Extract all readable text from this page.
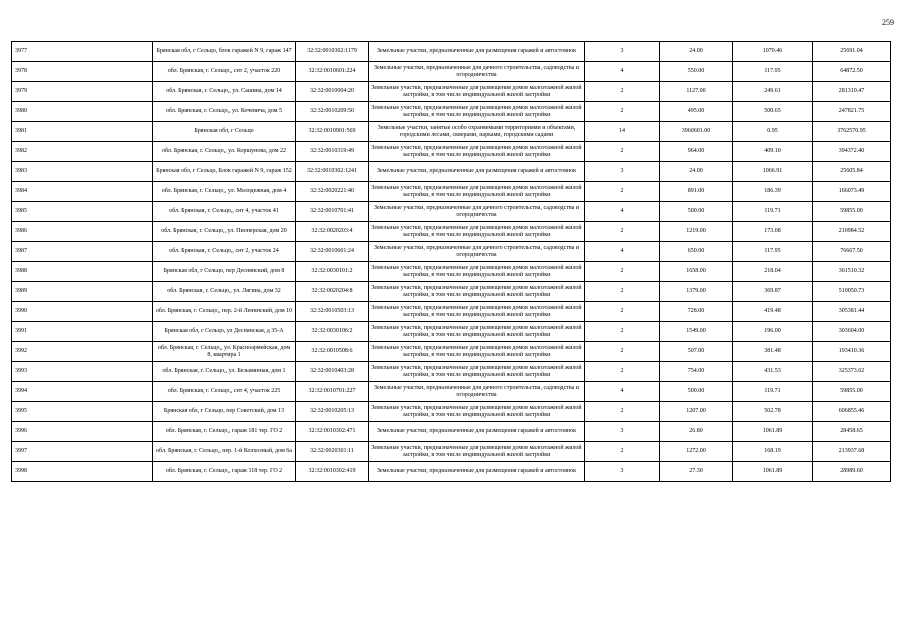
259
3977	Брянская обл, г Сельцо, блок гаражей N 9, гараж 147	32:32:0010302:1179	Земельные участки, предназначенные для размещения гаражей и автостоянок	3	24.00	1070.46	25691.04
3978	обл. Брянская, г. Сельцо,, снт 2, участок 220	32:32:0010601:224	Земельные участки, предназначенные для дачного строительства, садоводства и огородничества	4	550.00	117.95	64872.50
3979	обл. Брянская, г. Сельцо,, ул. Сашина, дом 14	32:32:0010004:20	Земельные участки, предназначенные для размещения домов малоэтажной жилой застройки, в том числе индивидуальной жилой застройки	2	1127.00	249.61	281310.47
3980	обл. Брянская, г. Сельцо,, ул. Кочевича, дом 5	32:32:0010209:50	Земельные участки, предназначенные для размещения домов малоэтажной жилой застройки, в том числе индивидуальной жилой застройки	2	495.00	500.65	247821.75
3981	Брянская обл, г Сельцо	32:32:0010901:569	Земельные участки, занятые особо охраняемыми территориями и объектами, городскими лесами, скверами, парками, городскими садами	14	3960601.00	0.95	3762570.95
3982	обл. Брянская, г. Сельцо,, ул. Коршунова, дом 22	32:32:0010319:49	Земельные участки, предназначенные для размещения домов малоэтажной жилой застройки, в том числе индивидуальной жилой застройки	2	964.00	409.10	394372.40
3983	Брянская обл, г Сельцо, Блок гаражей N 9, гараж 152	32:32:0010302:1241	Земельные участки, предназначенные для размещения гаражей и автостоянок	3	24.00	1066.91	25605.84
3984	обл. Брянская, г. Сельцо,, ул. Молодежная, дом 4	32:32:0020221:40	Земельные участки, предназначенные для размещения домов малоэтажной жилой застройки, в том числе индивидуальной жилой застройки	2	891.00	186.39	166073.49
3985	обл. Брянская, г. Сельцо,, снт 4, участок 41	32:32:0010701:41	Земельные участки, предназначенные для дачного строительства, садоводства и огородничества	4	500.00	119.71	59855.00
3986	обл. Брянская, г. Сельцо,, ул. Пионерская, дом 20	32:32:0020203:4	Земельные участки, предназначенные для размещения домов малоэтажной жилой застройки, в том числе индивидуальной жилой застройки	2	1219.00	173.08	210984.52
3987	обл. Брянская, г. Сельцо,, снт 2, участок 24	32:32:0010601:24	Земельные участки, предназначенные для дачного строительства, садоводства и огородничества	4	650.00	117.95	76667.50
3988	Брянская обл, г Сельцо, пер Деснянский, дом 8	32:32:0030101:2	Земельные участки, предназначенные для размещения домов малоэтажной жилой застройки, в том числе индивидуальной жилой застройки	2	1658.00	218.04	361510.32
3989	обл. Брянская, г. Сельцо,, ул. Лягина, дом 32	32:32:0020204:8	Земельные участки, предназначенные для размещения домов малоэтажной жилой застройки, в том числе индивидуальной жилой застройки	2	1379.00	369.87	510050.73
3990	обл. Брянская, г. Сельцо,, пер. 2-й Ленинский, дом 10	32:32:0010503:13	Земельные участки, предназначенные для размещения домов малоэтажной жилой застройки, в том числе индивидуальной жилой застройки	2	728.00	419.48	305381.44
3991	Брянская обл, г Сельцо, ул Деснянская, д 35-А	32:32:0030106:2	Земельные участки, предназначенные для размещения домов малоэтажной жилой застройки, в том числе индивидуальной жилой застройки	2	1549.00	196.00	303604.00
3992	обл. Брянская, г. Сельцо,, ул. Красноармейская, дом 8, квартира 1	32:32:0010508:6	Земельные участки, предназначенные для размещения домов малоэтажной жилой застройки, в том числе индивидуальной жилой застройки	2	507.00	381.48	193410.36
3993	обл. Брянская, г. Сельцо,, ул. Безымянная, дом 1	32:32:0010403:28	Земельные участки, предназначенные для размещения домов малоэтажной жилой застройки, в том числе индивидуальной жилой застройки	2	754.00	431.53	325373.62
3994	обл. Брянская, г. Сельцо,, снт 4, участок 225	32:32:0010701:227	Земельные участки, предназначенные для дачного строительства, садоводства и огородничества	4	500.00	119.71	59855.00
3995	Брянская обл, г Сельцо, пер Советский, дом 13	32:32:0010205:13	Земельные участки, предназначенные для размещения домов малоэтажной жилой застройки, в том числе индивидуальной жилой застройки	2	1207.00	502.78	606855.46
3996	обл. Брянская, г. Сельцо,, гараж 181 тер. ГО 2	32:32:0010302:471	Земельные участки, предназначенные для размещения гаражей и автостоянок	3	26.80	1061.89	28458.65
3997	обл. Брянская, г. Сельцо,, пер. 1-й Колхозный, дом 6а	32:32:0020301:11	Земельные участки, предназначенные для размещения домов малоэтажной жилой застройки, в том числе индивидуальной жилой застройки	2	1272.00	168.19	213937.68
3998	обл. Брянская, г. Сельцо,, гараж 118 тер. ГО 2	32:32:0010302:419	Земельные участки, предназначенные для размещения гаражей и автостоянок	3	27.30	1061.89	28989.60
